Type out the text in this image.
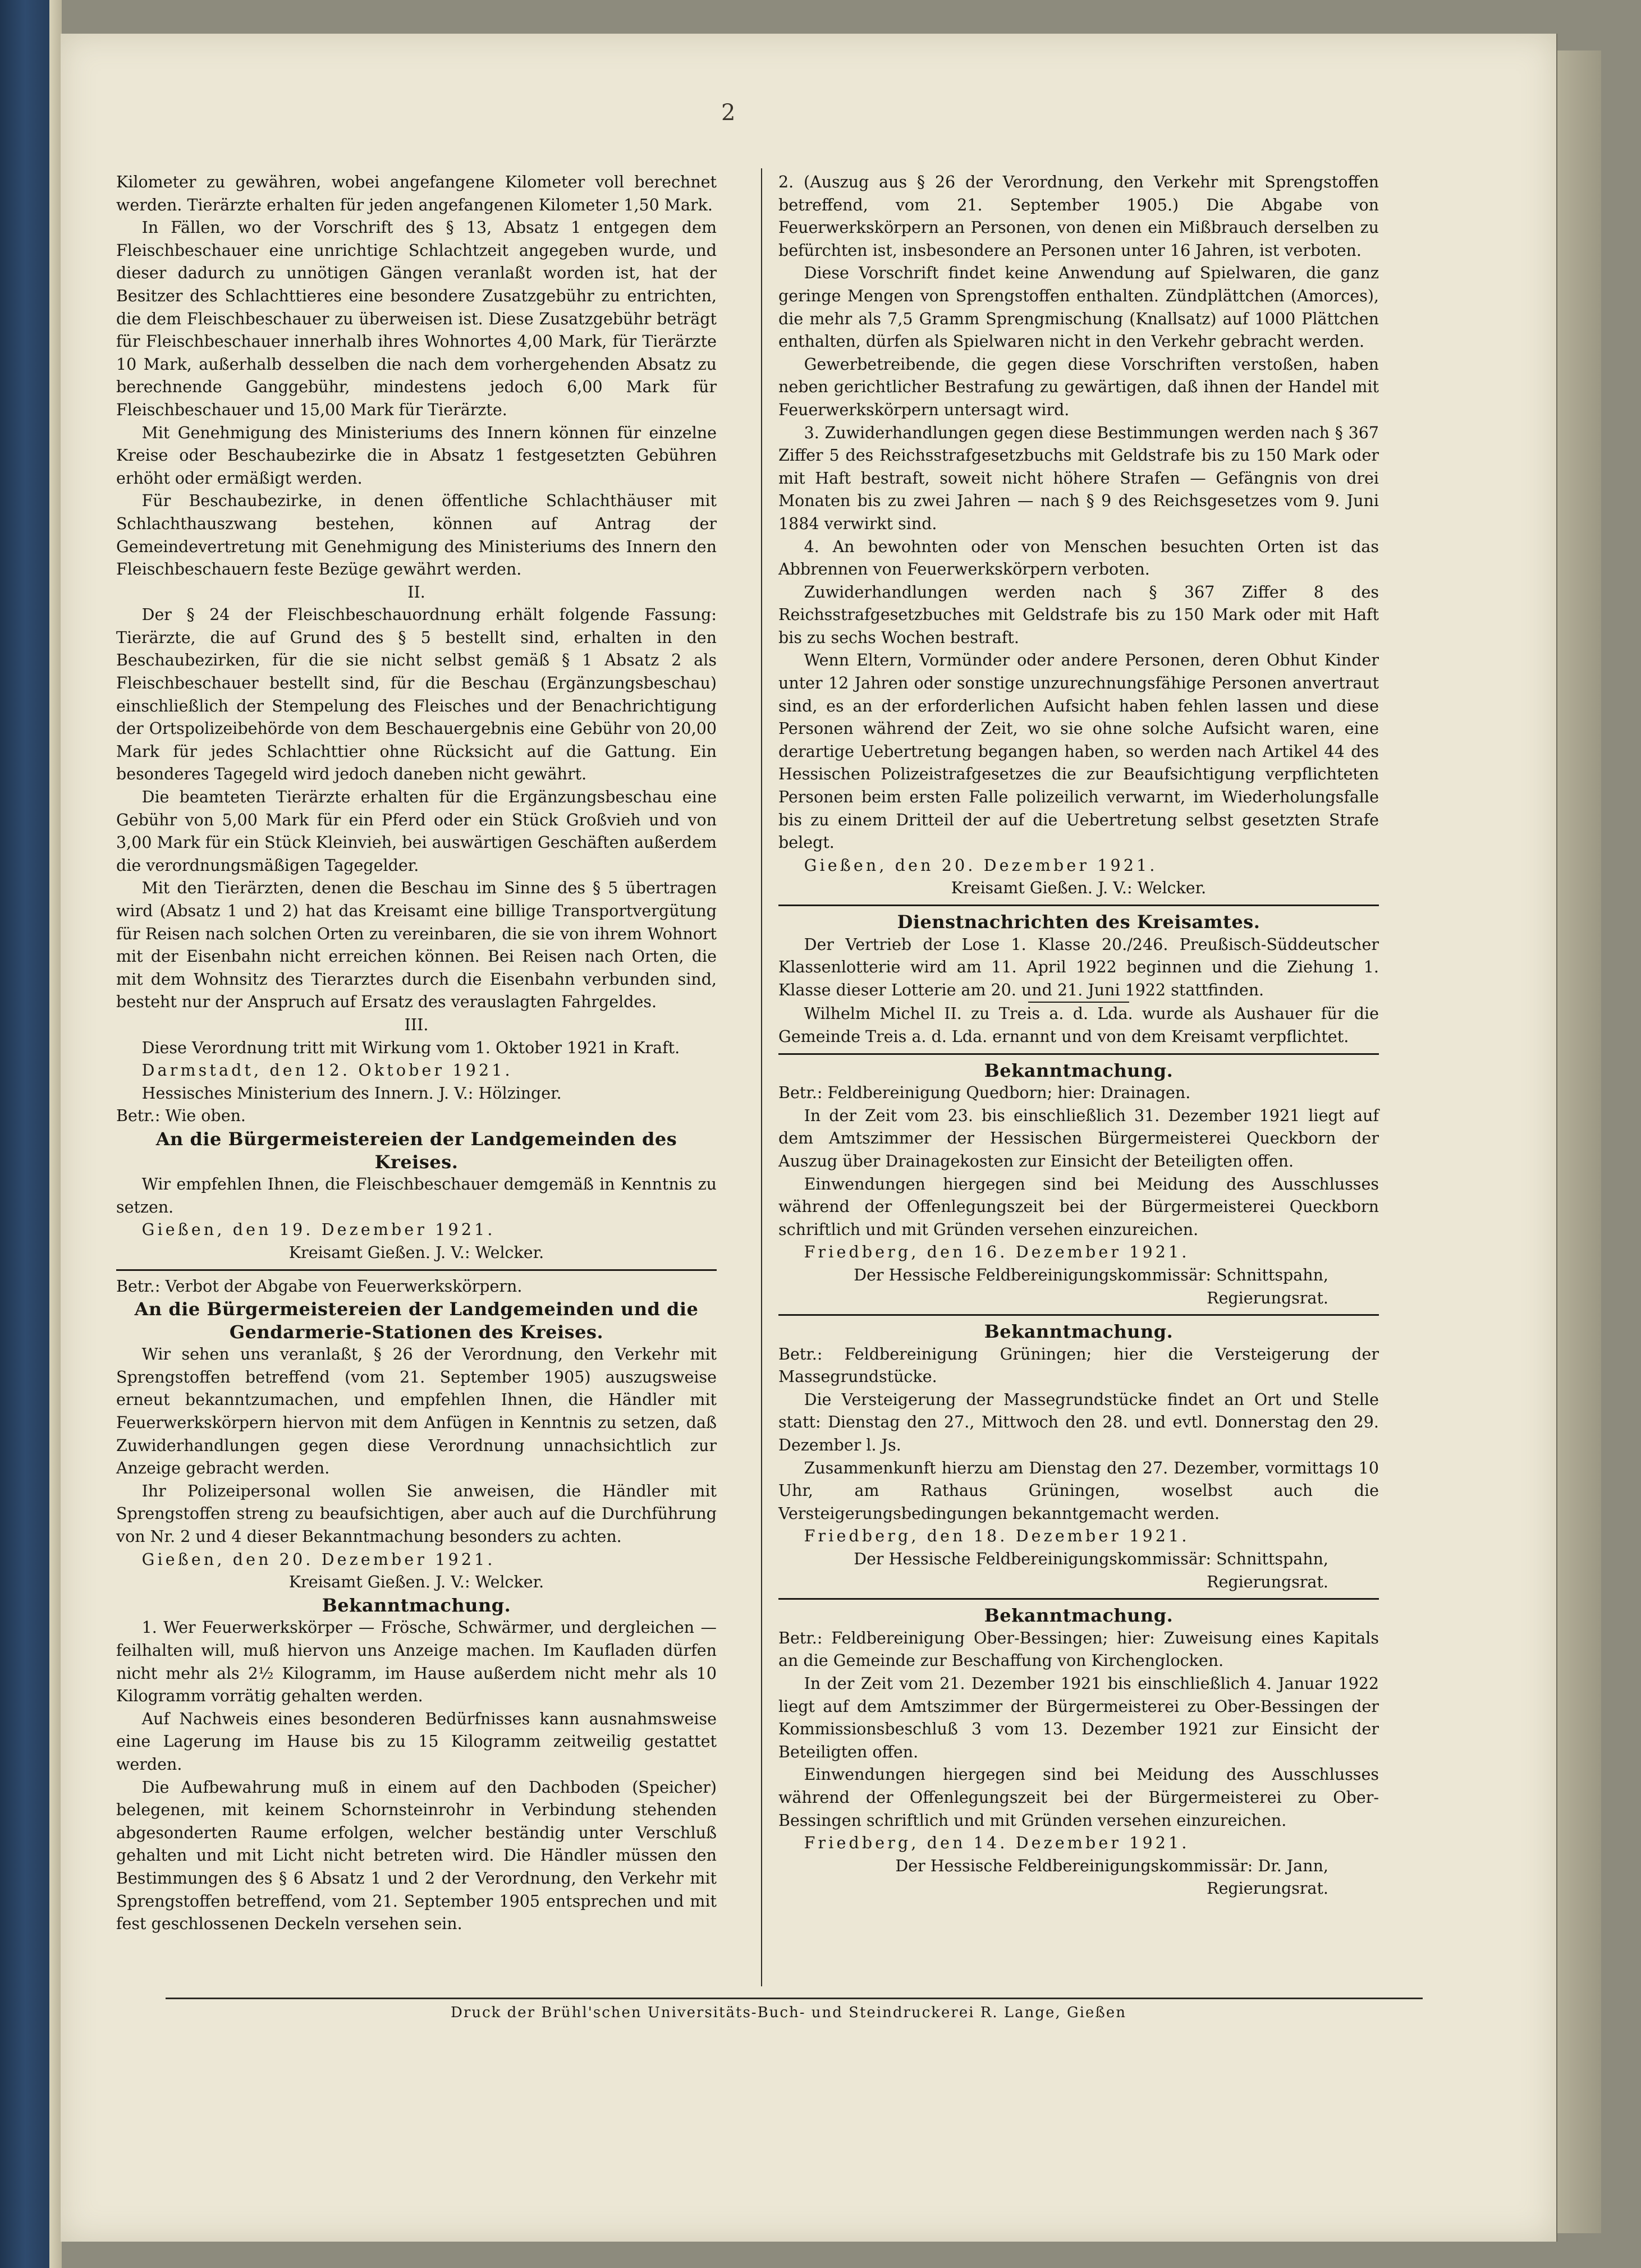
2

Kilometer zu gewähren, wobei angefangene Kilometer voll berechnet werden. Tierärzte erhalten für jeden angefangenen Kilometer 1,50 Mark.

In Fällen, wo der Vorschrift des § 13, Absatz 1 entgegen dem Fleischbeschauer eine unrichtige Schlachtzeit angegeben wurde, und dieser dadurch zu unnötigen Gängen veranlaßt worden ist, hat der Besitzer des Schlachttieres eine besondere Zusatzgebühr zu entrichten, die dem Fleischbeschauer zu überweisen ist. Diese Zusatzgebühr beträgt für Fleischbeschauer innerhalb ihres Wohnortes 4,00 Mark, für Tierärzte 10 Mark, außerhalb desselben die nach dem vorhergehenden Absatz zu berechnende Ganggebühr, mindestens jedoch 6,00 Mark für Fleischbeschauer und 15,00 Mark für Tierärzte.

Mit Genehmigung des Ministeriums des Innern können für einzelne Kreise oder Beschaubezirke die in Absatz 1 festgesetzten Gebühren erhöht oder ermäßigt werden.

Für Beschaubezirke, in denen öffentliche Schlachthäuser mit Schlachthauszwang bestehen, können auf Antrag der Gemeindevertretung mit Genehmigung des Ministeriums des Innern den Fleischbeschauern feste Bezüge gewährt werden.

II.

Der § 24 der Fleischbeschauordnung erhält folgende Fassung: Tierärzte, die auf Grund des § 5 bestellt sind, erhalten in den Beschaubezirken, für die sie nicht selbst gemäß § 1 Absatz 2 als Fleischbeschauer bestellt sind, für die Beschau (Ergänzungsbeschau) einschließlich der Stempelung des Fleisches und der Benachrichtigung der Ortspolizeibehörde von dem Beschauergebnis eine Gebühr von 20,00 Mark für jedes Schlachttier ohne Rücksicht auf die Gattung. Ein besonderes Tagegeld wird jedoch daneben nicht gewährt.

Die beamteten Tierärzte erhalten für die Ergänzungsbeschau eine Gebühr von 5,00 Mark für ein Pferd oder ein Stück Großvieh und von 3,00 Mark für ein Stück Kleinvieh, bei auswärtigen Geschäften außerdem die verordnungsmäßigen Tagegelder.

Mit den Tierärzten, denen die Beschau im Sinne des § 5 übertragen wird (Absatz 1 und 2) hat das Kreisamt eine billige Transportvergütung für Reisen nach solchen Orten zu vereinbaren, die sie von ihrem Wohnort mit der Eisenbahn nicht erreichen können. Bei Reisen nach Orten, die mit dem Wohnsitz des Tierarztes durch die Eisenbahn verbunden sind, besteht nur der Anspruch auf Ersatz des verauslagten Fahrgeldes.

III.

Diese Verordnung tritt mit Wirkung vom 1. Oktober 1921 in Kraft.

Darmstadt, den 12. Oktober 1921.

Hessisches Ministerium des Innern. J. V.: Hölzinger.

Betr.: Wie oben.

An die Bürgermeistereien der Landgemeinden des Kreises.

Wir empfehlen Ihnen, die Fleischbeschauer demgemäß in Kenntnis zu setzen.

Gießen, den 19. Dezember 1921.

Kreisamt Gießen. J. V.: Welcker.

Betr.: Verbot der Abgabe von Feuerwerkskörpern.

An die Bürgermeistereien der Landgemeinden und die Gendarmerie-Stationen des Kreises.

Wir sehen uns veranlaßt, § 26 der Verordnung, den Verkehr mit Sprengstoffen betreffend (vom 21. September 1905) auszugsweise erneut bekanntzumachen, und empfehlen Ihnen, die Händler mit Feuerwerkskörpern hiervon mit dem Anfügen in Kenntnis zu setzen, daß Zuwiderhandlungen gegen diese Verordnung unnachsichtlich zur Anzeige gebracht werden.

Ihr Polizeipersonal wollen Sie anweisen, die Händler mit Sprengstoffen streng zu beaufsichtigen, aber auch auf die Durchführung von Nr. 2 und 4 dieser Bekanntmachung besonders zu achten.

Gießen, den 20. Dezember 1921.

Kreisamt Gießen. J. V.: Welcker.

Bekanntmachung.

1. Wer Feuerwerkskörper — Frösche, Schwärmer, und dergleichen — feilhalten will, muß hiervon uns Anzeige machen. Im Kaufladen dürfen nicht mehr als 2½ Kilogramm, im Hause außerdem nicht mehr als 10 Kilogramm vorrätig gehalten werden.

Auf Nachweis eines besonderen Bedürfnisses kann ausnahmsweise eine Lagerung im Hause bis zu 15 Kilogramm zeitweilig gestattet werden.

Die Aufbewahrung muß in einem auf den Dachboden (Speicher) belegenen, mit keinem Schornsteinrohr in Verbindung stehenden abgesonderten Raume erfolgen, welcher beständig unter Verschluß gehalten und mit Licht nicht betreten wird. Die Händler müssen den Bestimmungen des § 6 Absatz 1 und 2 der Verordnung, den Verkehr mit Sprengstoffen betreffend, vom 21. September 1905 entsprechen und mit fest geschlossenen Deckeln versehen sein.

2. (Auszug aus § 26 der Verordnung, den Verkehr mit Sprengstoffen betreffend, vom 21. September 1905.) Die Abgabe von Feuerwerkskörpern an Personen, von denen ein Mißbrauch derselben zu befürchten ist, insbesondere an Personen unter 16 Jahren, ist verboten.

Diese Vorschrift findet keine Anwendung auf Spielwaren, die ganz geringe Mengen von Sprengstoffen enthalten. Zündplättchen (Amorces), die mehr als 7,5 Gramm Sprengmischung (Knallsatz) auf 1000 Plättchen enthalten, dürfen als Spielwaren nicht in den Verkehr gebracht werden.

Gewerbetreibende, die gegen diese Vorschriften verstoßen, haben neben gerichtlicher Bestrafung zu gewärtigen, daß ihnen der Handel mit Feuerwerkskörpern untersagt wird.

3. Zuwiderhandlungen gegen diese Bestimmungen werden nach § 367 Ziffer 5 des Reichsstrafgesetzbuchs mit Geldstrafe bis zu 150 Mark oder mit Haft bestraft, soweit nicht höhere Strafen — Gefängnis von drei Monaten bis zu zwei Jahren — nach § 9 des Reichsgesetzes vom 9. Juni 1884 verwirkt sind.

4. An bewohnten oder von Menschen besuchten Orten ist das Abbrennen von Feuerwerkskörpern verboten.

Zuwiderhandlungen werden nach § 367 Ziffer 8 des Reichsstrafgesetzbuches mit Geldstrafe bis zu 150 Mark oder mit Haft bis zu sechs Wochen bestraft.

Wenn Eltern, Vormünder oder andere Personen, deren Obhut Kinder unter 12 Jahren oder sonstige unzurechnungsfähige Personen anvertraut sind, es an der erforderlichen Aufsicht haben fehlen lassen und diese Personen während der Zeit, wo sie ohne solche Aufsicht waren, eine derartige Uebertretung begangen haben, so werden nach Artikel 44 des Hessischen Polizeistrafgesetzes die zur Beaufsichtigung verpflichteten Personen beim ersten Falle polizeilich verwarnt, im Wiederholungsfalle bis zu einem Dritteil der auf die Uebertretung selbst gesetzten Strafe belegt.

Gießen, den 20. Dezember 1921.

Kreisamt Gießen. J. V.: Welcker.

Dienstnachrichten des Kreisamtes.

Der Vertrieb der Lose 1. Klasse 20./246. Preußisch-Süddeutscher Klassenlotterie wird am 11. April 1922 beginnen und die Ziehung 1. Klasse dieser Lotterie am 20. und 21. Juni 1922 stattfinden.

Wilhelm Michel II. zu Treis a. d. Lda. wurde als Aushauer für die Gemeinde Treis a. d. Lda. ernannt und von dem Kreisamt verpflichtet.

Bekanntmachung.

Betr.: Feldbereinigung Quedborn; hier: Drainagen.

In der Zeit vom 23. bis einschließlich 31. Dezember 1921 liegt auf dem Amtszimmer der Hessischen Bürgermeisterei Queckborn der Auszug über Drainagekosten zur Einsicht der Beteiligten offen.

Einwendungen hiergegen sind bei Meidung des Ausschlusses während der Offenlegungszeit bei der Bürgermeisterei Queckborn schriftlich und mit Gründen versehen einzureichen.

Friedberg, den 16. Dezember 1921.

Der Hessische Feldbereinigungskommissär: Schnittspahn, Regierungsrat.

Bekanntmachung.

Betr.: Feldbereinigung Grüningen; hier die Versteigerung der Massegrundstücke.

Die Versteigerung der Massegrundstücke findet an Ort und Stelle statt: Dienstag den 27., Mittwoch den 28. und evtl. Donnerstag den 29. Dezember l. Js.

Zusammenkunft hierzu am Dienstag den 27. Dezember, vormittags 10 Uhr, am Rathaus Grüningen, woselbst auch die Versteigerungsbedingungen bekanntgemacht werden.

Friedberg, den 18. Dezember 1921.

Der Hessische Feldbereinigungskommissär: Schnittspahn, Regierungsrat.

Bekanntmachung.

Betr.: Feldbereinigung Ober-Bessingen; hier: Zuweisung eines Kapitals an die Gemeinde zur Beschaffung von Kirchenglocken.

In der Zeit vom 21. Dezember 1921 bis einschließlich 4. Januar 1922 liegt auf dem Amtszimmer der Bürgermeisterei zu Ober-Bessingen der Kommissionsbeschluß 3 vom 13. Dezember 1921 zur Einsicht der Beteiligten offen.

Einwendungen hiergegen sind bei Meidung des Ausschlusses während der Offenlegungszeit bei der Bürgermeisterei zu Ober-Bessingen schriftlich und mit Gründen versehen einzureichen.

Friedberg, den 14. Dezember 1921.

Der Hessische Feldbereinigungskommissär: Dr. Jann, Regierungsrat.

Druck der Brühl'schen Universitäts-Buch- und Steindruckerei R. Lange, Gießen
